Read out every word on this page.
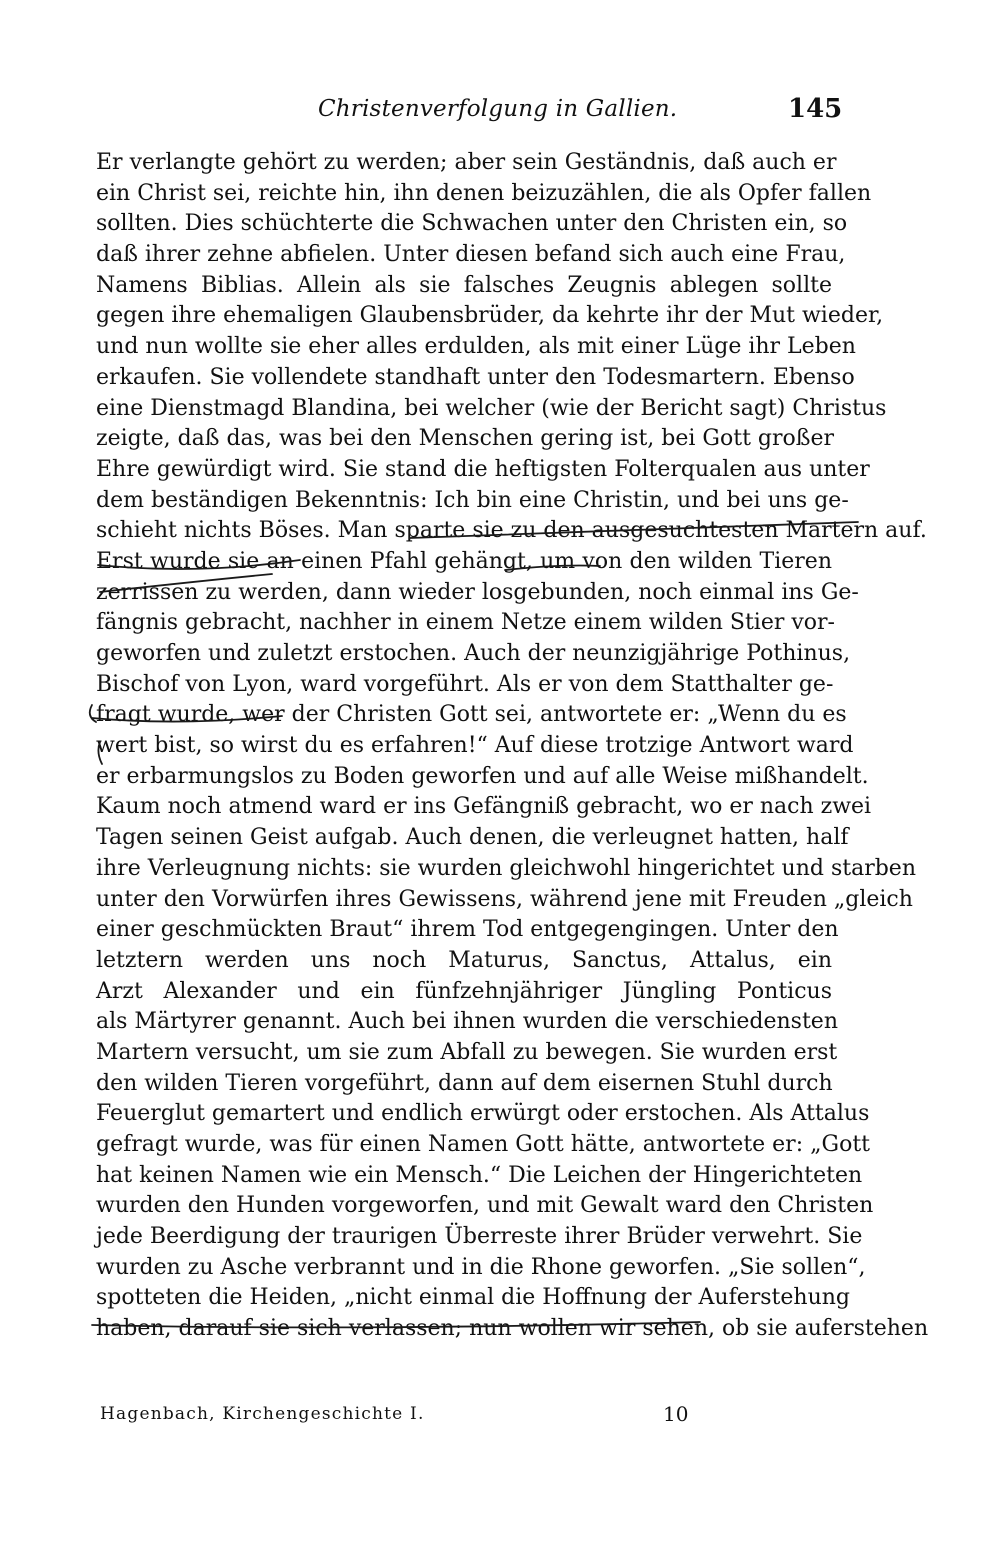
Christenverfolgung in Gallien.	145
Er verlangte gehört zu werden; aber sein Geständnis, daß auch er
ein Christ sei, reichte hin, ihn denen beizuzählen, die als Opfer fallen
sollten. Dies schüchterte die Schwachen unter den Christen ein, so
daß ihrer zehne abfielen. Unter diesen befand sich auch eine Frau,
Namens Biblias. Allein als sie falsches Zeugnis ablegen sollte
gegen ihre ehemaligen Glaubensbrüder, da kehrte ihr der Mut wieder,
und nun wollte sie eher alles erdulden, als mit einer Lüge ihr Leben
erkaufen. Sie vollendete standhaft unter den Todesmartern. Ebenso
eine Dienstmagd Blandina, bei welcher (wie der Bericht sagt) Christus
zeigte, daß das, was bei den Menschen gering ist, bei Gott großer
Ehre gewürdigt wird. Sie stand die heftigsten Folterqualen aus unter
dem beständigen Bekenntnis: Ich bin eine Christin, und bei uns ge-
schieht nichts Böses. Man sparte sie zu den ausgesuchtesten Martern auf.
Erst wurde sie an einen Pfahl gehängt, um von den wilden Tieren
zerrissen zu werden, dann wieder losgebunden, noch einmal ins Ge-
fängnis gebracht, nachher in einem Netze einem wilden Stier vor-
geworfen und zuletzt erstochen. Auch der neunzigjährige Pothinus,
Bischof von Lyon, ward vorgeführt. Als er von dem Statthalter ge-
fragt wurde, wer der Christen Gott sei, antwortete er: „Wenn du es
wert bist, so wirst du es erfahren!“ Auf diese trotzige Antwort ward
er erbarmungslos zu Boden geworfen und auf alle Weise mißhandelt.
Kaum noch atmend ward er ins Gefängniß gebracht, wo er nach zwei
Tagen seinen Geist aufgab. Auch denen, die verleugnet hatten, half
ihre Verleugnung nichts: sie wurden gleichwohl hingerichtet und starben
unter den Vorwürfen ihres Gewissens, während jene mit Freuden „gleich
einer geschmückten Braut“ ihrem Tod entgegengingen. Unter den
letztern werden uns noch Maturus, Sanctus, Attalus, ein
Arzt Alexander und ein fünfzehnjähriger Jüngling Ponticus
als Märtyrer genannt. Auch bei ihnen wurden die verschiedensten
Martern versucht, um sie zum Abfall zu bewegen. Sie wurden erst
den wilden Tieren vorgeführt, dann auf dem eisernen Stuhl durch
Feuerglut gemartert und endlich erwürgt oder erstochen. Als Attalus
gefragt wurde, was für einen Namen Gott hätte, antwortete er: „Gott
hat keinen Namen wie ein Mensch.“ Die Leichen der Hingerichteten
wurden den Hunden vorgeworfen, und mit Gewalt ward den Christen
jede Beerdigung der traurigen Überreste ihrer Brüder verwehrt. Sie
wurden zu Asche verbrannt und in die Rhone geworfen. „Sie sollen“,
spotteten die Heiden, „nicht einmal die Hoffnung der Auferstehung
haben, darauf sie sich verlassen; nun wollen wir sehen, ob sie auferstehen
Hagenbach, Kirchengeschichte I.	10
